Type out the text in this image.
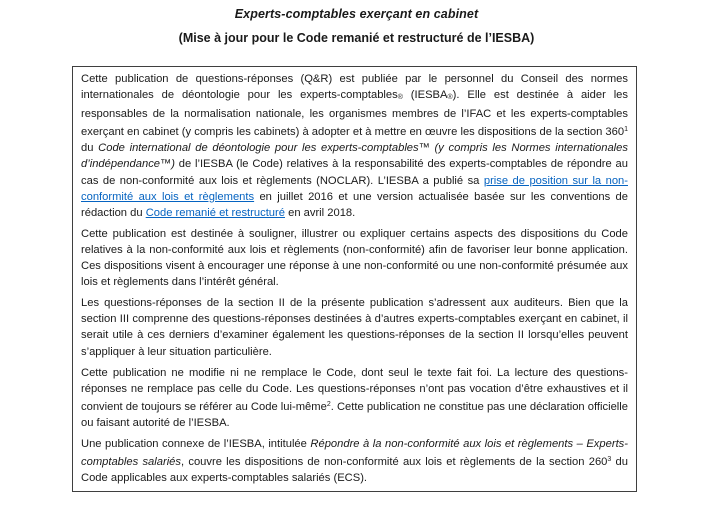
Experts-comptables exerçant en cabinet
(Mise à jour pour le Code remanié et restructuré de l’IESBA)

Cette publication de questions-réponses (Q&R) est publiée par le personnel du Conseil des normes internationales de déontologie pour les experts-comptables® (IESBA®). Elle est destinée à aider les responsables de la normalisation nationale, les organismes membres de l’IFAC et les experts-comptables exerçant en cabinet (y compris les cabinets) à adopter et à mettre en œuvre les dispositions de la section $360^1$ du Code international de déontologie pour les experts-comptables™ (y compris les Normes internationales d’indépendance™) de l’IESBA (le Code) relatives à la responsabilité des experts-comptables de répondre au cas de non-conformité aux lois et règlements (NOCLAR). L’IESBA a publié sa prise de position sur la non-conformité aux lois et règlements en juillet 2016 et une version actualisée basée sur les conventions de rédaction du Code remanié et restructuré en avril 2018.

Cette publication est destinée à souligner, illustrer ou expliquer certains aspects des dispositions du Code relatives à la non-conformité aux lois et règlements (non-conformité) afin de favoriser leur bonne application. Ces dispositions visent à encourager une réponse à une non-conformité ou une non-conformité présumée aux lois et règlements dans l’intérêt général.

Les questions-réponses de la section II de la présente publication s’adressent aux auditeurs. Bien que la section III comprenne des questions-réponses destinées à d’autres experts-comptables exerçant en cabinet, il serait utile à ces derniers d’examiner également les questions-réponses de la section II lorsqu’elles peuvent s’appliquer à leur situation particulière.

Cette publication ne modifie ni ne remplace le Code, dont seul le texte fait foi. La lecture des questions-réponses ne remplace pas celle du Code. Les questions-réponses n’ont pas vocation d’être exhaustives et il convient de toujours se référer au Code lui-même$^2$. Cette publication ne constitue pas une déclaration officielle ou faisant autorité de l’IESBA.

Une publication connexe de l’IESBA, intitulée Répondre à la non-conformité aux lois et règlements – Experts-comptables salariés, couvre les dispositions de non-conformité aux lois et règlements de la section $260^3$ du Code applicables aux experts-comptables salariés (ECS).
